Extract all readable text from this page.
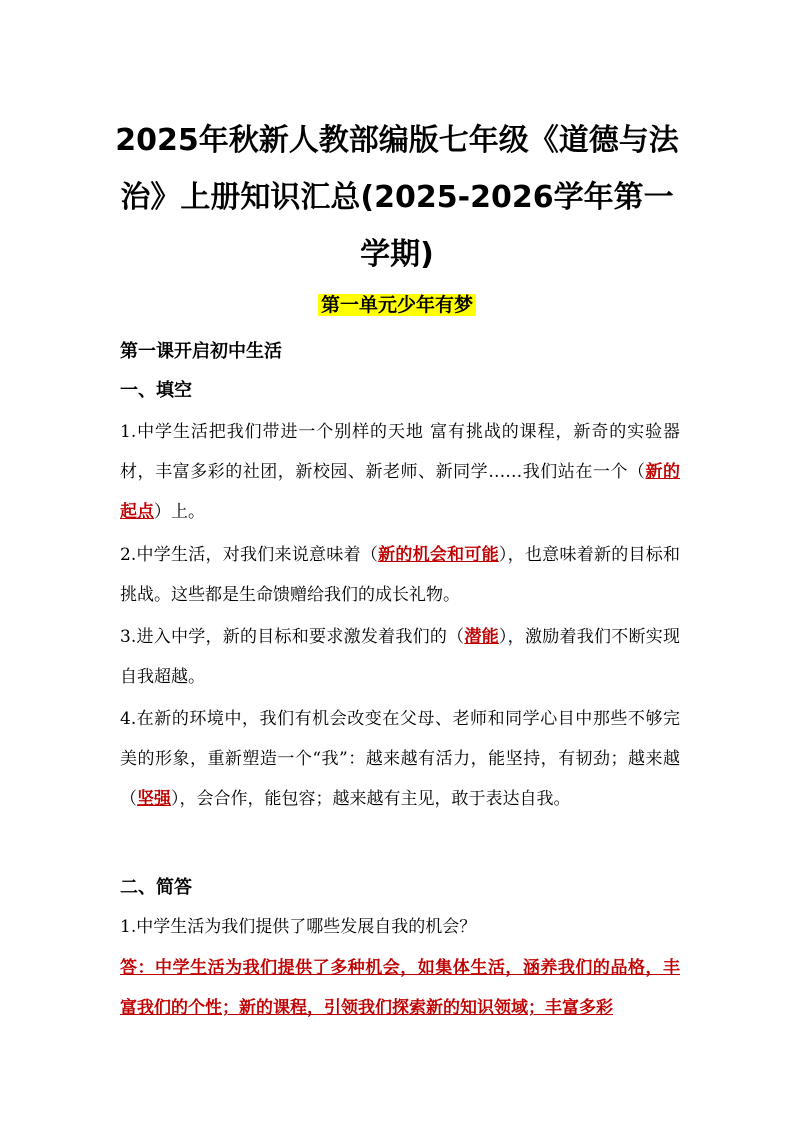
2025年秋新人教部编版七年级《道德与法治》上册知识汇总(2025-2026学年第一学期)
第一单元少年有梦
第一课开启初中生活
一、填空
1.中学生活把我们带进一个别样的天地 富有挑战的课程，新奇的实验器材，丰富多彩的社团，新校园、新老师、新同学……我们站在一个（新的起点）上。
2.中学生活，对我们来说意味着（新的机会和可能），也意味着新的目标和挑战。这些都是生命馈赠给我们的成长礼物。
3.进入中学，新的目标和要求激发着我们的（潜能），激励着我们不断实现自我超越。
4.在新的环境中，我们有机会改变在父母、老师和同学心目中那些不够完美的形象，重新塑造一个“我”：越来越有活力，能坚持，有韧劲；越来越（坚强），会合作，能包容；越来越有主见，敢于表达自我。
二、简答
1.中学生活为我们提供了哪些发展自我的机会？
答：中学生活为我们提供了多种机会，如集体生活，涵养我们的品格，丰富我们的个性；新的课程，引领我们探索新的知识领域；丰富多彩
